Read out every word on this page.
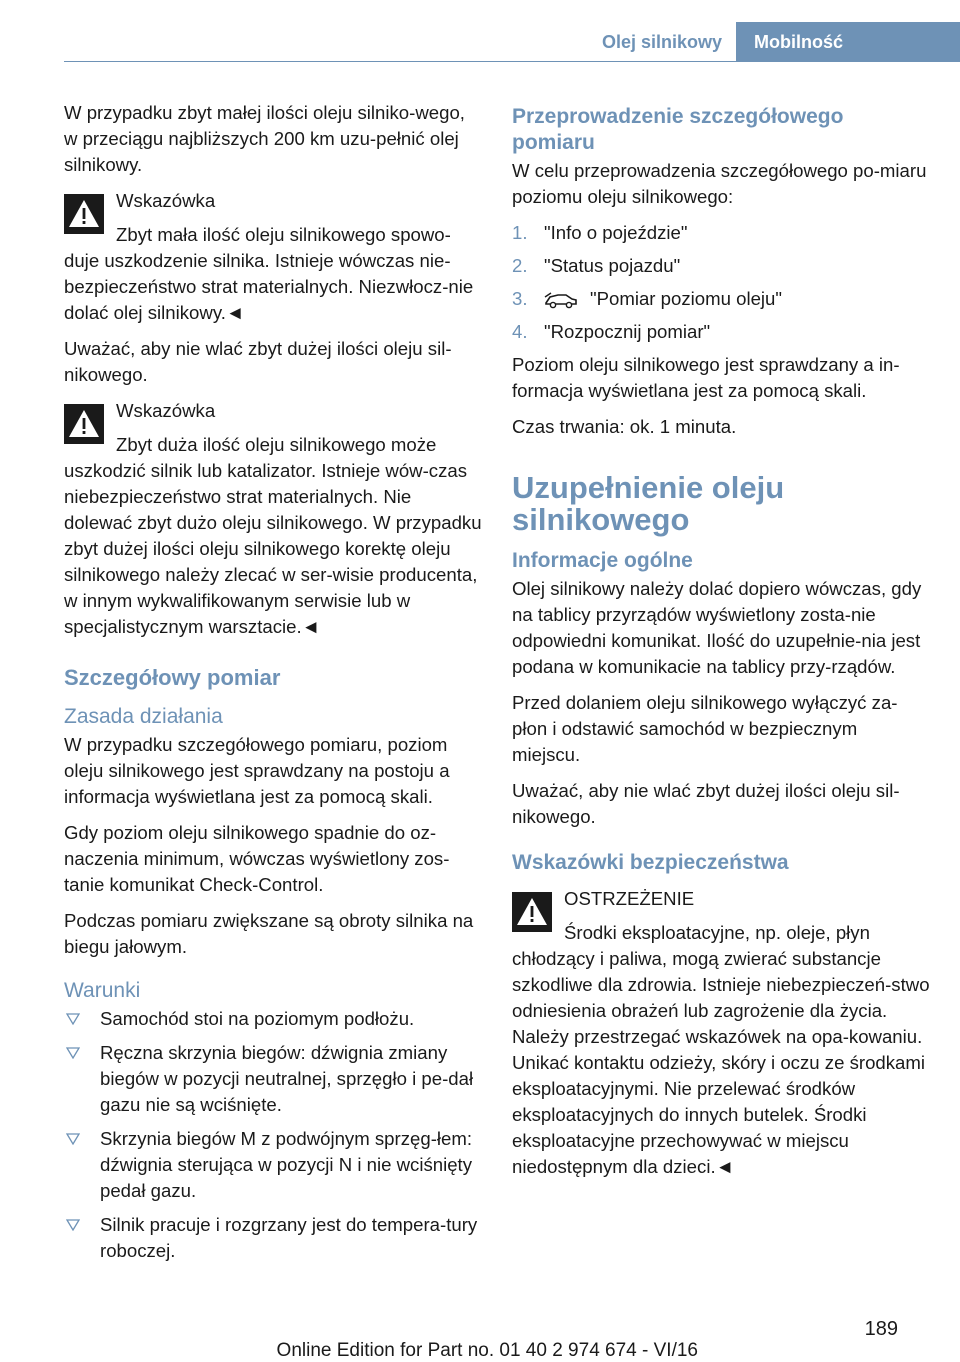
Olej silnikowy	Mobilność

W przypadku zbyt małej ilości oleju silniko-wego, w przeciągu najbliższych 200 km uzu-pełnić olej silnikowy.

Wskazówka
Zbyt mała ilość oleju silnikowego spowo-duje uszkodzenie silnika. Istnieje wówczas nie-bezpieczeństwo strat materialnych. Niezwłocz-nie dolać olej silnikowy.◄

Uważać, aby nie wlać zbyt dużej ilości oleju sil-nikowego.

Wskazówka
Zbyt duża ilość oleju silnikowego może uszkodzić silnik lub katalizator. Istnieje wów-czas niebezpieczeństwo strat materialnych. Nie dolewać zbyt dużo oleju silnikowego. W przypadku zbyt dużej ilości oleju silnikowego korektę oleju silnikowego należy zlecać w ser-wisie producenta, w innym wykwalifikowanym serwisie lub w specjalistycznym warsztacie.◄
Szczegółowy pomiar
Zasada działania

W przypadku szczegółowego pomiaru, poziom oleju silnikowego jest sprawdzany na postoju a informacja wyświetlana jest za pomocą skali.

Gdy poziom oleju silnikowego spadnie do oz-naczenia minimum, wówczas wyświetlony zos-tanie komunikat Check-Control.

Podczas pomiaru zwiększane są obroty silnika na biegu jałowym.

Warunki
Samochód stoi na poziomym podłożu.
Ręczna skrzynia biegów: dźwignia zmiany biegów w pozycji neutralnej, sprzęgło i pe-dał gazu nie są wciśnięte.
Skrzynia biegów M z podwójnym sprzęg-łem: dźwignia sterująca w pozycji N i nie wciśnięty pedał gazu.
Silnik pracuje i rozgrzany jest do tempera-tury roboczej.
Przeprowadzenie szczegółowego pomiaru

W celu przeprowadzenia szczegółowego po-miaru poziomu oleju silnikowego:

1. "Info o pojeździe"
2. "Status pojazdu"
3.	"Pomiar poziomu oleju"
4. "Rozpocznij pomiar"

Poziom oleju silnikowego jest sprawdzany a in-formacja wyświetlana jest za pomocą skali.

Czas trwania: ok. 1 minuta.

Uzupełnienie oleju silnikowego
Informacje ogólne

Olej silnikowy należy dolać dopiero wówczas, gdy na tablicy przyrządów wyświetlony zosta-nie odpowiedni komunikat. Ilość do uzupełnie-nia jest podana w komunikacie na tablicy przy-rządów.

Przed dolaniem oleju silnikowego wyłączyć za-płon i odstawić samochód w bezpiecznym miejscu.

Uważać, aby nie wlać zbyt dużej ilości oleju sil-nikowego.

Wskazówki bezpieczeństwa
OSTRZEŻENIE
Środki eksploatacyjne, np. oleje, płyn chłodzący i paliwa, mogą zwierać substancje szkodliwe dla zdrowia. Istnieje niebezpieczeń-stwo odniesienia obrażeń lub zagrożenie dla życia. Należy przestrzegać wskazówek na opa-kowaniu. Unikać kontaktu odzieży, skóry i oczu ze środkami eksploatacyjnymi. Nie przelewać środków eksploatacyjnych do innych butelek. Środki eksploatacyjne przechowywać w miejscu niedostępnym dla dzieci.◄
189
Online Edition for Part no. 01 40 2 974 674 - VI/16
